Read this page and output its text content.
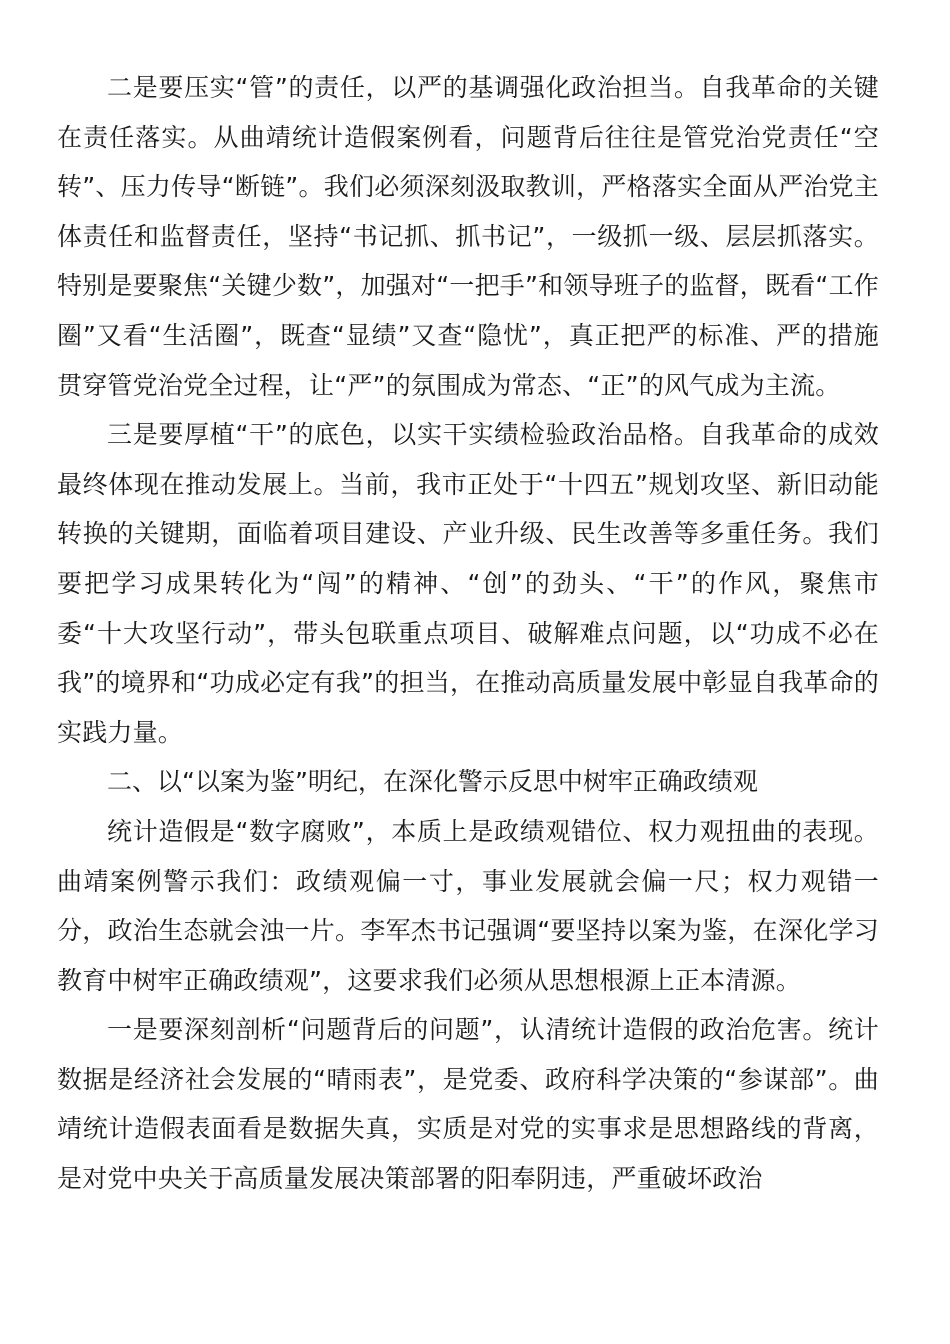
二是要压实“管”的责任，以严的基调强化政治担当。自我革命的关键在责任落实。从曲靖统计造假案例看，问题背后往往是管党治党责任“空转”、压力传导“断链”。我们必须深刻汲取教训，严格落实全面从严治党主体责任和监督责任，坚持“书记抓、抓书记”，一级抓一级、层层抓落实。特别是要聚焦“关键少数”，加强对“一把手”和领导班子的监督，既看“工作圈”又看“生活圈”，既查“显绩”又查“隐忧”，真正把严的标准、严的措施贯穿管党治党全过程，让“严”的氛围成为常态、“正”的风气成为主流。

三是要厚植“干”的底色，以实干实绩检验政治品格。自我革命的成效最终体现在推动发展上。当前，我市正处于“十四五”规划攻坚、新旧动能转换的关键期，面临着项目建设、产业升级、民生改善等多重任务。我们要把学习成果转化为“闯”的精神、“创”的劲头、“干”的作风，聚焦市委“十大攻坚行动”，带头包联重点项目、破解难点问题，以“功成不必在我”的境界和“功成必定有我”的担当，在推动高质量发展中彰显自我革命的实践力量。

二、以“以案为鉴”明纪，在深化警示反思中树牢正确政绩观

统计造假是“数字腐败”，本质上是政绩观错位、权力观扭曲的表现。曲靖案例警示我们：政绩观偏一寸，事业发展就会偏一尺；权力观错一分，政治生态就会浊一片。李军杰书记强调“要坚持以案为鉴，在深化学习教育中树牢正确政绩观”，这要求我们必须从思想根源上正本清源。

一是要深刻剖析“问题背后的问题”，认清统计造假的政治危害。统计数据是经济社会发展的“晴雨表”，是党委、政府科学决策的“参谋部”。曲靖统计造假表面看是数据失真，实质是对党的实事求是思想路线的背离，是对党中央关于高质量发展决策部署的阳奉阴违，严重破坏政治
